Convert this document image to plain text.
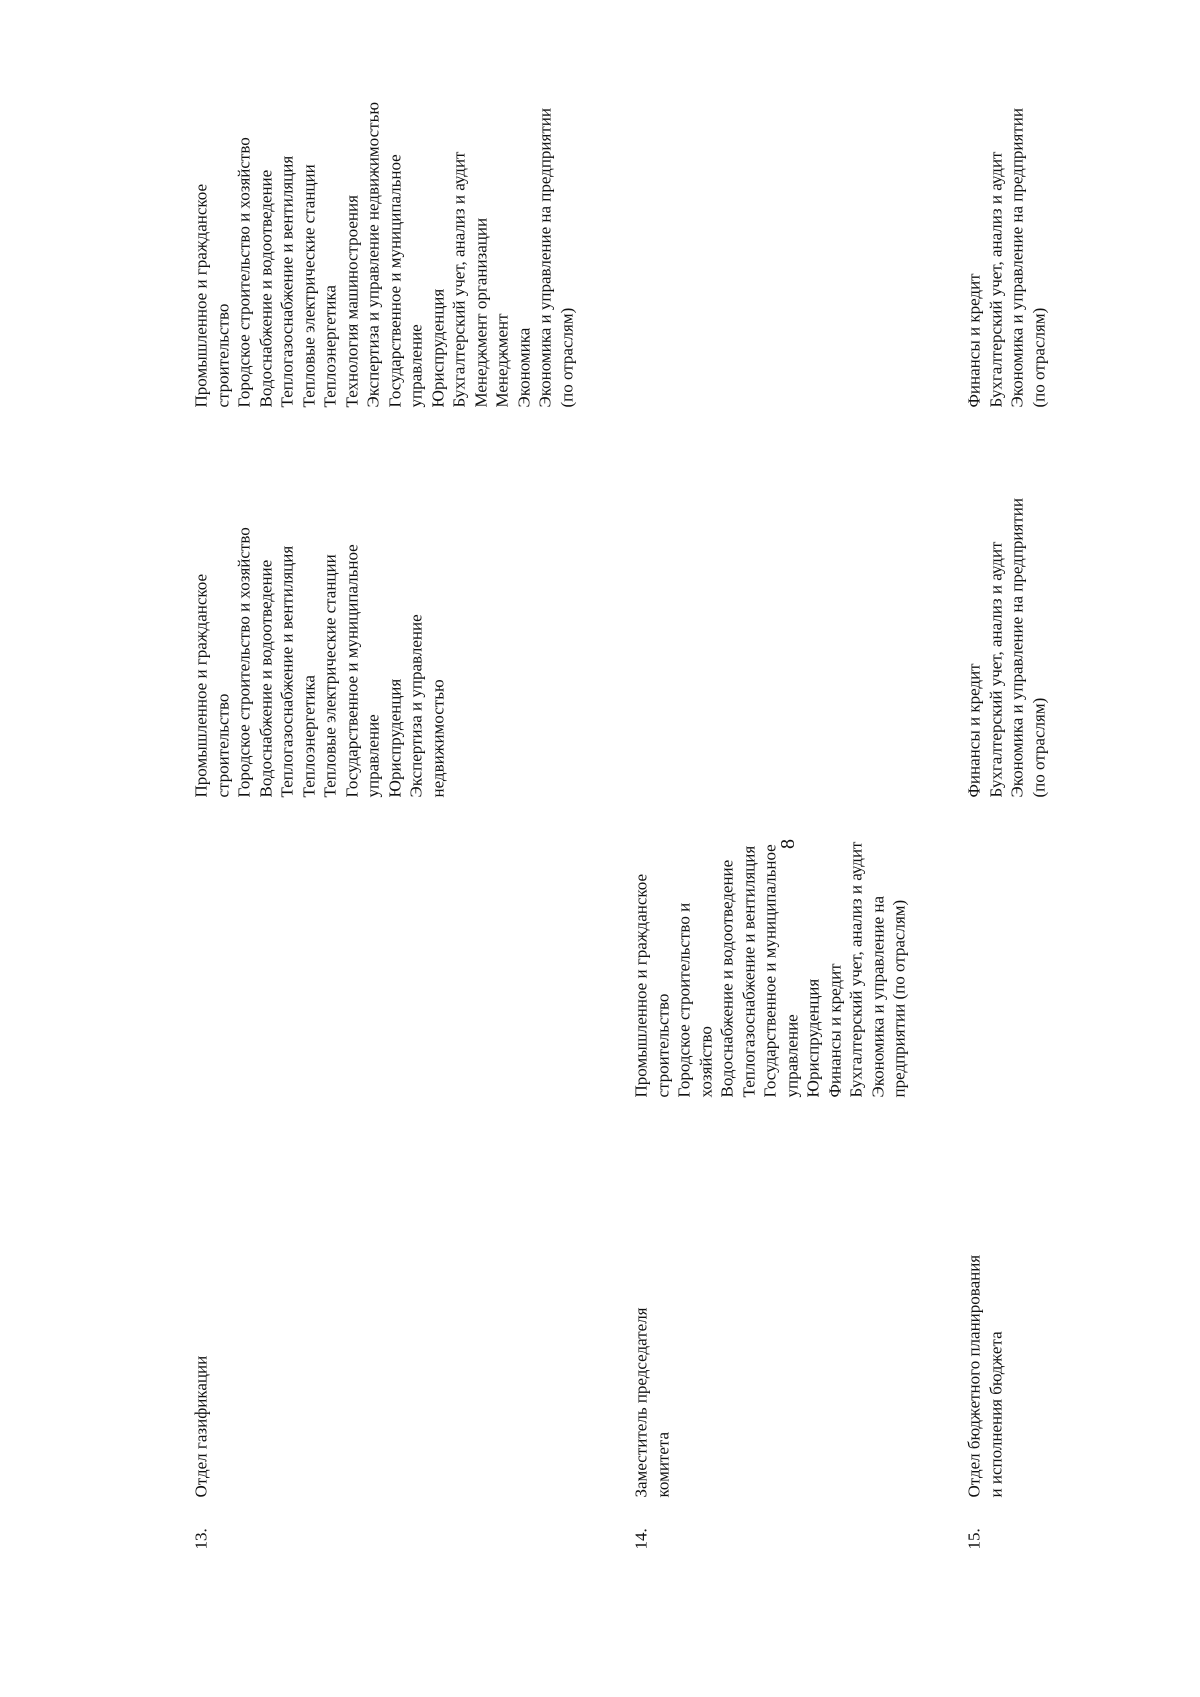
8
13.
Отдел газификации
Промышленное и гражданское
строительство
Городское строительство и хозяйство
Водоснабжение и водоотведение
Теплогазоснабжение и вентиляция
Теплоэнергетика
Тепловые электрические станции
Государственное и муниципальное
управление
Юриспруденция
Экспертиза и управление
недвижимостью
Промышленное и гражданское
строительство
Городское строительство и хозяйство
Водоснабжение и водоотведение
Теплогазоснабжение и вентиляция
Тепловые электрические станции
Теплоэнергетика
Технология машиностроения
Экспертиза и управление недвижимостью
Государственное и муниципальное
управление
Юриспруденция
Бухгалтерский учет, анализ и аудит
Менеджмент организации
Менеджмент
Экономика
Экономика и управление на предприятии
(по отраслям)
14.
Заместитель председателя
комитета
Промышленное и гражданское
строительство
Городское строительство и
хозяйство
Водоснабжение и водоотведение
Теплогазоснабжение и вентиляция
Государственное и муниципальное
управление
Юриспруденция
Финансы и кредит
Бухгалтерский учет, анализ и аудит
Экономика и управление на
предприятии (по отраслям)
15.
Отдел бюджетного планирования
и исполнения бюджета
Финансы и кредит
Бухгалтерский учет, анализ и аудит
Экономика и управление на предприятии
(по отраслям)
Финансы и кредит
Бухгалтерский учет, анализ и аудит
Экономика и управление на предприятии
(по отраслям)
